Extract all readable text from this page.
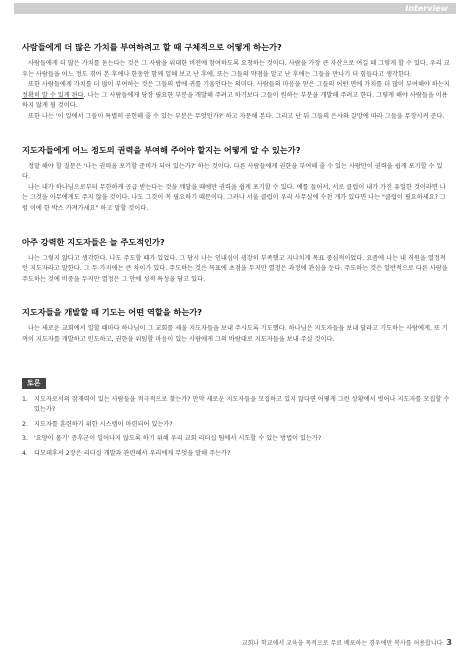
Interview
사람들에게 더 많은 가치를 부여하려고 할 때 구체적으로 어떻게 하는가?

사람들에게 더 많은 가치를 돋는다는 것은 그 사람을 위대한 비전에 참여하도록 요청하는 것이다. 사람을 가장 큰 자산으로 여길 때 그렇게 할 수 있다. 우리 교우는 사람들을 어느 정도 겪어 본 후에나 한동안 함께 일해 보고 난 후에, 또는 그들의 약점을 알고 난 후에는 그들을 만나기 더 힘들다고 생각한다.

또한 사람들에게 가치를 더 많이 부여하는 것은 그들의 밥에 귀를 기울인다는 의미다. 사람들의 마음을 얻은 그들의 어떤 면에 가치를 더 많이 부여해야 하는지 정확히 알 수 있게 된다. 나는 그 사람들에게 당장 필요한 부분을 개발해 주려고 하기보다 그들이 원하는 부분을 개발해 주려고 한다. 그렇게 해야 사람들을 이용하지 않게 될 것이다.

또한 나는 '이 일에서 그들이 특별히 공헌해 줄 수 있는 부분은 무엇인가?' 하고 자문해 본다. 그리고 난 뒤 그들의 은사와 갈망에 따라 그들을 무장시켜 준다.

지도자들에게 어느 정도의 권력을 부여해 주어야 할지는 어떻게 알 수 있는가?

정말 해야 할 질문은 '나는 권력을 포기할 준비가 되어 있는가?' 하는 것이다. 다른 사람들에게 권한을 부여해 줄 수 있는 사람만이 권력을 쉽게 포기할 수 있다.

나는 내가 하나님으로부터 무한하게 공급 받는다는 것을 깨달을 때에만 권력을 쉽게 포기할 수 있다. 예를 들어서, 서로 클럽이 내가 가진 유일한 것이라면 나는 그것을 아무에게도 주지 않을 것이다. 나도 그것이 꼭 필요하기 때문이다. 그러나 서울 클럽이 우리 사무실에 수천 개가 있다면 나는 "클럽이 필요하세요? 그럼 이에 한 박스 가져가세요" 하고 말할 것이다.

아주 강력한 지도자들은 늘 주도적인가?

나는 그렇지 않다고 생각한다. 나도 주도할 때가 있었다. 그 당시 나는 인내심이 굉장히 부족했고 지나치게 목표 중심적이었다. 요즘에 나는 내 직원을 열정적인 지도자라고 말한다. 그 두 가지에는 큰 차이가 있다. 주도하는 것은 목표에 초점을 두지만 열정은 과정에 관심을 둔다. 주도하는 것은 일반적으로 다른 사람을 주도하는 것에 비중을 두지만 열정은 그 안에 성적 특성을 담고 있다.

지도자들을 개발할 때 기도는 어떤 역할을 하는가?

나는 새로운 교회에서 일할 때마다 하나님이 그 교회를 세울 지도자들을 보내 주시도록 기도했다. 하나님은 지도자들을 보내 달라고 기도하는 사람에게, 또 기꺼이 지도자를 개발하고 인도하고, 권한을 위임할 마음이 있는 사람에게 그의 바람대로 지도자들을 보내 주실 것이다.

토론
1. 지도자로서의 잠재력이 있는 사람들을 적극적으로 찾는가? 만약 새로운 지도자들을 모집하고 있지 않다면 어떻게 그런 상황에서 벗어나 지도자를 모집할 수 있는가?
2. 지도자를 훈련하기 위한 시스템이 마련되어 있는가?
3. '요양이 물기' 증후군이 일어나지 않도록 하기 위해 우리 교회 리더십 팀에서 시도할 수 있는 방법이 있는가?
4. 디모데후서 2장은 리더십 개발과 관련해서 우리에게 무엇을 말해 주는가?
교회나 학교에서 교육을 목적으로 무료 배포하는 경우에만 복사를 허용합니다 3
